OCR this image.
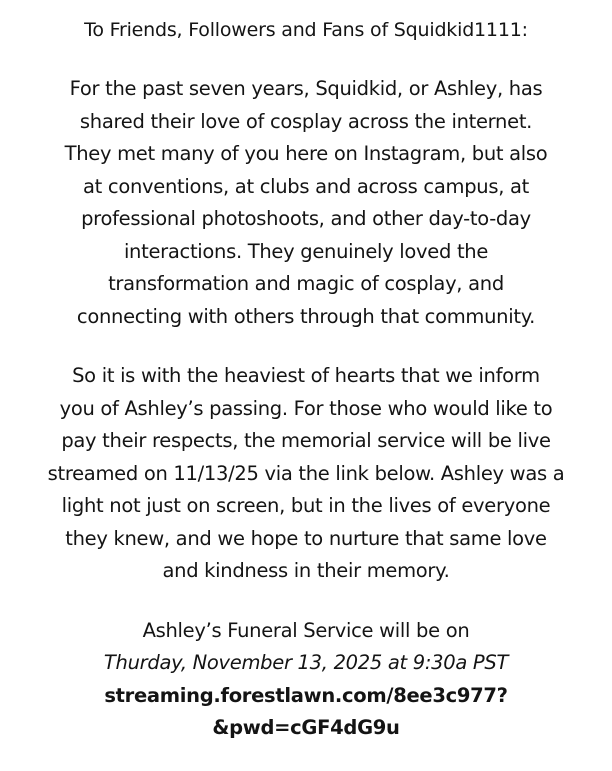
To Friends, Followers and Fans of Squidkid1111:

For the past seven years, Squidkid, or Ashley, has
shared their love of cosplay across the internet.
They met many of you here on Instagram, but also
at conventions, at clubs and across campus, at
professional photoshoots, and other day-to-day
interactions. They genuinely loved the
transformation and magic of cosplay, and
connecting with others through that community.

So it is with the heaviest of hearts that we inform
you of Ashley’s passing. For those who would like to
pay their respects, the memorial service will be live
streamed on 11/13/25 via the link below. Ashley was a
light not just on screen, but in the lives of everyone
they knew, and we hope to nurture that same love
and kindness in their memory.

Ashley’s Funeral Service will be on
Thurday, November 13, 2025 at 9:30a PST
streaming.forestlawn.com/8ee3c977?
&pwd=cGF4dG9u
